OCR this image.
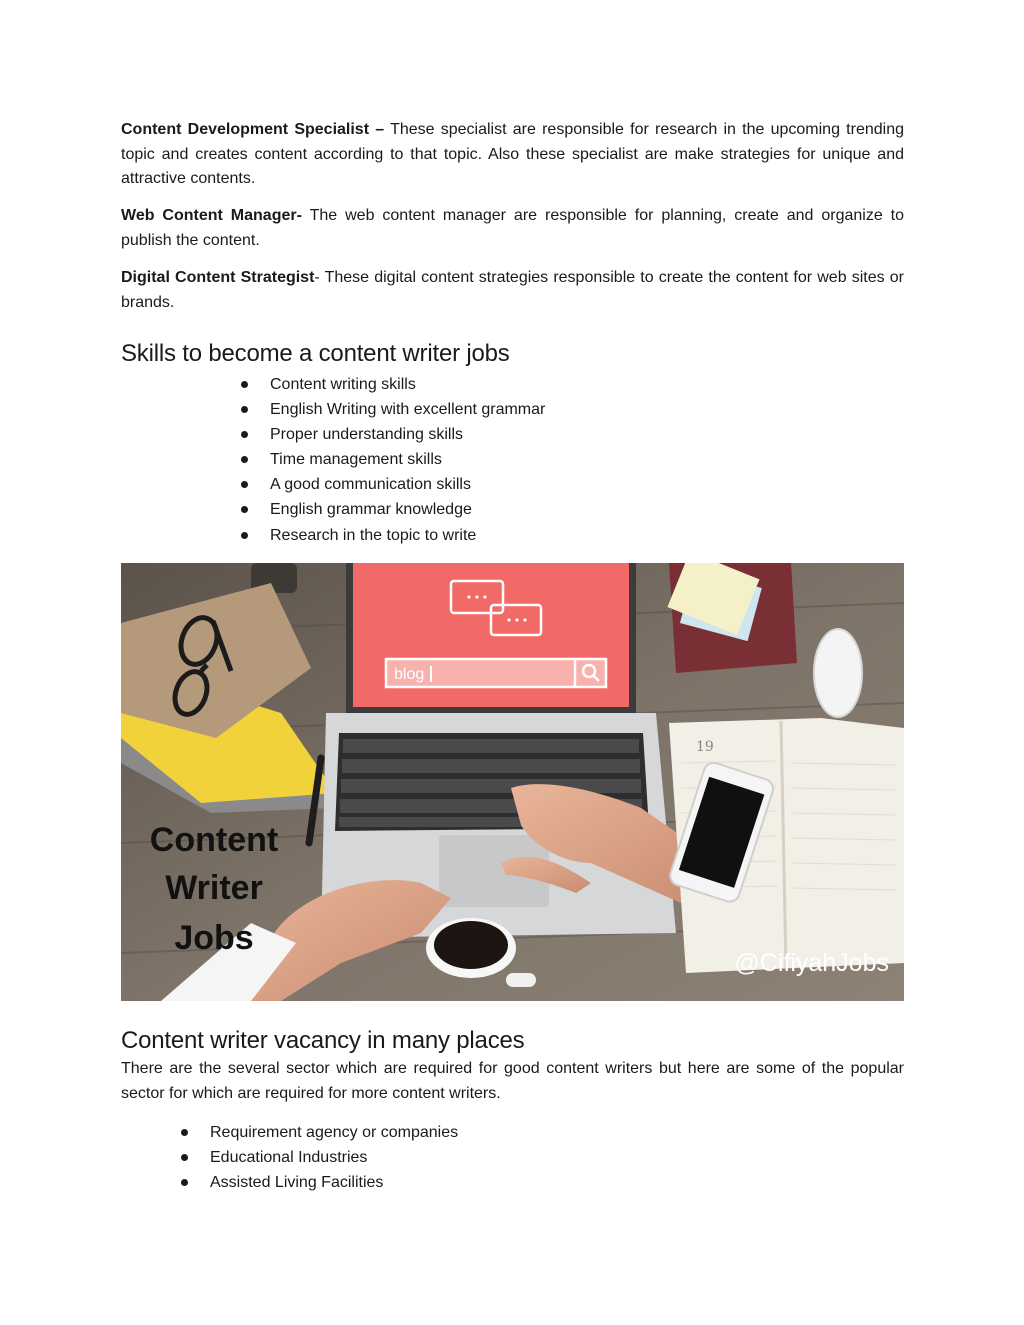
Content Development Specialist – These specialist are responsible for research in the upcoming trending topic and creates content according to that topic. Also these specialist are make strategies for unique and attractive contents.

Web Content Manager- The web content manager are responsible for planning, create and organize to publish the content.

Digital Content Strategist- These digital content strategies responsible to create the content for web sites or brands.

Skills to become a content writer jobs
Content writing skills
English Writing with excellent grammar
Proper understanding skills
Time management skills
A good communication skills
English grammar knowledge
Research in the topic to write
blog
19
Content
Writer
Jobs
@CifiyahJobs
Content writer vacancy in many places

There are the several sector which are required for good content writers but here are some of the popular sector for which are required for more content writers.

Requirement agency or companies
Educational Industries
Assisted Living Facilities
